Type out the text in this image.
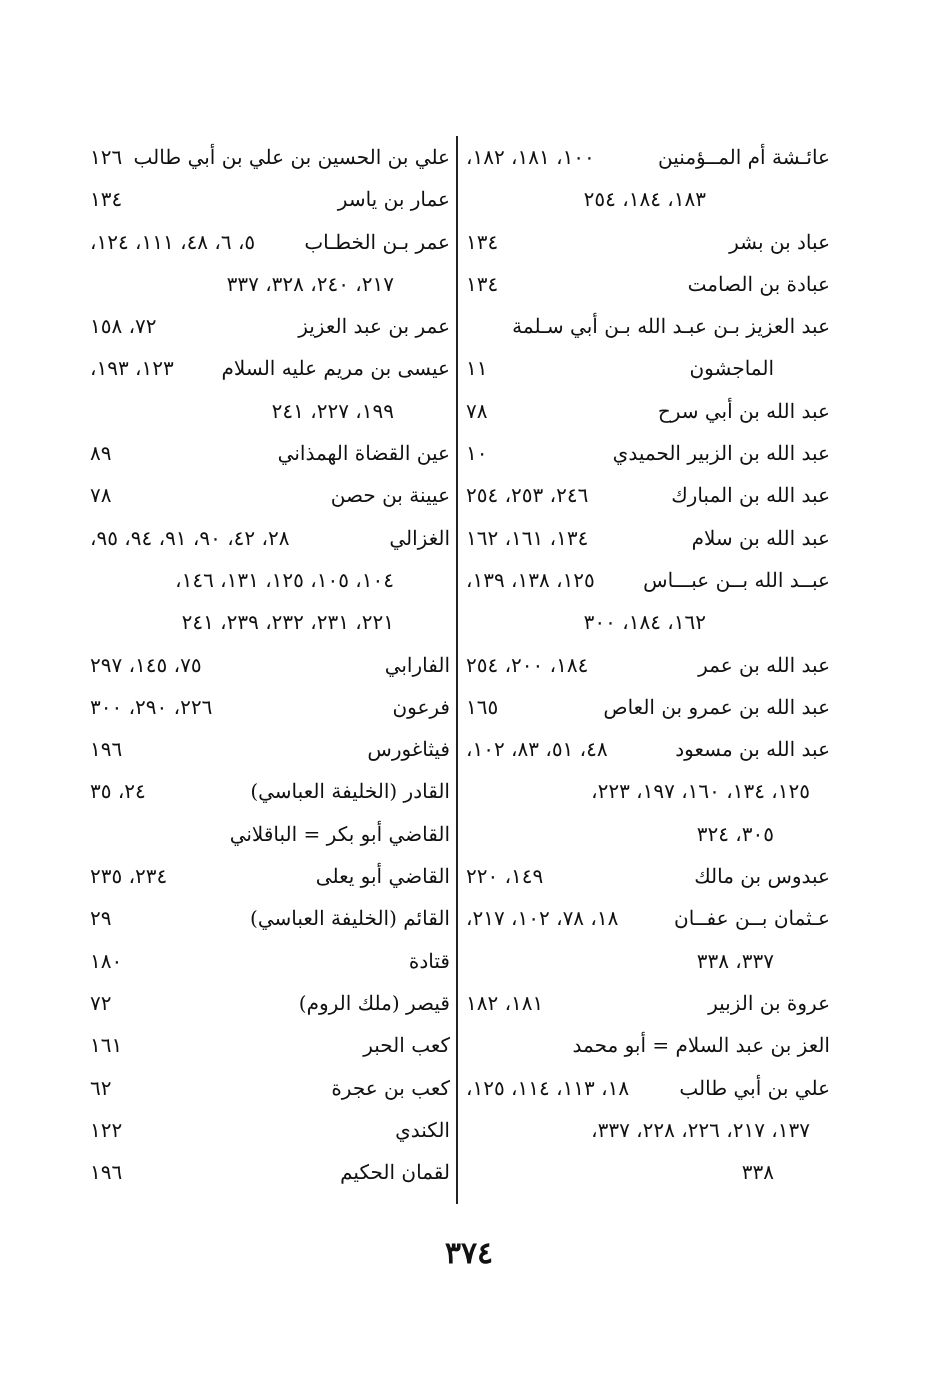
عائـشة أم المــؤمنين
١٠٠، ١٨١، ١٨٢،
١٨٣، ١٨٤، ٢٥٤
عباد بن بشر
١٣٤
عبادة بن الصامت
١٣٤
عبد العزيز بـن عبـد الله بـن أبي سـلمة
الماجشون
١١
عبد الله بن أبي سرح
٧٨
عبد الله بن الزبير الحميدي
١٠
عبد الله بن المبارك
٢٤٦، ٢٥٣، ٢٥٤
عبد الله بن سلام
١٣٤، ١٦١، ١٦٢
عبــد الله بــن عبـــاس
١٢٥، ١٣٨، ١٣٩،
١٦٢، ١٨٤، ٣٠٠
عبد الله بن عمر
١٨٤، ٢٠٠، ٢٥٤
عبد الله بن عمرو بن العاص
١٦٥
عبد الله بن مسعود
٤٨، ٥١، ٨٣، ١٠٢،
١٢٥، ١٣٤، ١٦٠، ١٩٧، ٢٢٣،
٣٠٥، ٣٢٤
عبدوس بن مالك
١٤٩، ٢٢٠
عـثمان بــن عفــان
١٨، ٧٨، ١٠٢، ٢١٧،
٣٣٧، ٣٣٨
عروة بن الزبير
١٨١، ١٨٢
العز بن عبد السلام = أبو محمد
علي بن أبي طالب
١٨، ١١٣، ١١٤، ١٢٥،
١٣٧، ٢١٧، ٢٢٦، ٢٢٨، ٣٣٧،
٣٣٨
علي بن الحسين بن علي بن أبي طالب
١٢٦
عمار بن ياسر
١٣٤
عمر بـن الخطـاب
٥، ٦، ٤٨، ١١١، ١٢٤،
٢١٧، ٢٤٠، ٣٢٨، ٣٣٧
عمر بن عبد العزيز
٧٢، ١٥٨
عيسى بن مريم عليه السلام
١٢٣، ١٩٣،
١٩٩، ٢٢٧، ٢٤١
عين القضاة الهمذاني
٨٩
عيينة بن حصن
٧٨
الغزالي
٢٨، ٤٢، ٩٠، ٩١، ٩٤، ٩٥،
١٠٤، ١٠٥، ١٢٥، ١٣١، ١٤٦،
٢٢١، ٢٣١، ٢٣٢، ٢٣٩، ٢٤١
الفارابي
٧٥، ١٤٥، ٢٩٧
فرعون
٢٢٦، ٢٩٠، ٣٠٠
فيثاغورس
١٩٦
القادر (الخليفة العباسي)
٢٤، ٣٥
القاضي أبو بكر = الباقلاني
القاضي أبو يعلى
٢٣٤، ٢٣٥
القائم (الخليفة العباسي)
٢٩
قتادة
١٨٠
قيصر (ملك الروم)
٧٢
كعب الحبر
١٦١
كعب بن عجرة
٦٢
الكندي
١٢٢
لقمان الحكيم
١٩٦
٣٧٤
